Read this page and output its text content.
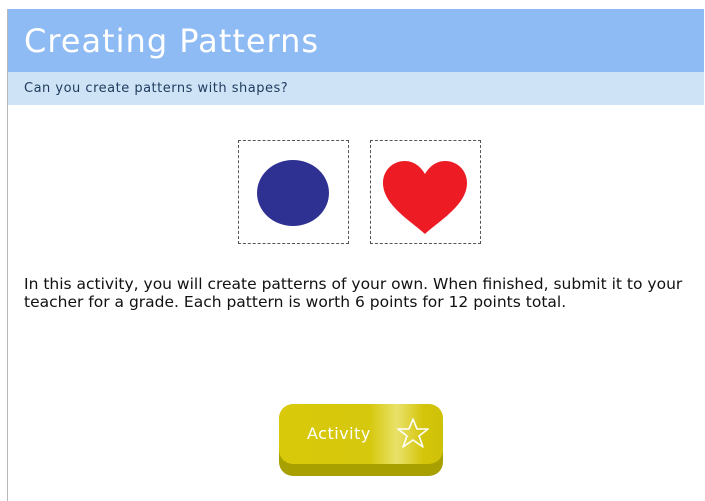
Creating Patterns
Can you create patterns with shapes?
In this activity, you will create patterns of your own. When finished, submit it to your teacher for a grade. Each pattern is worth 6 points for 12 points total.
Activity
